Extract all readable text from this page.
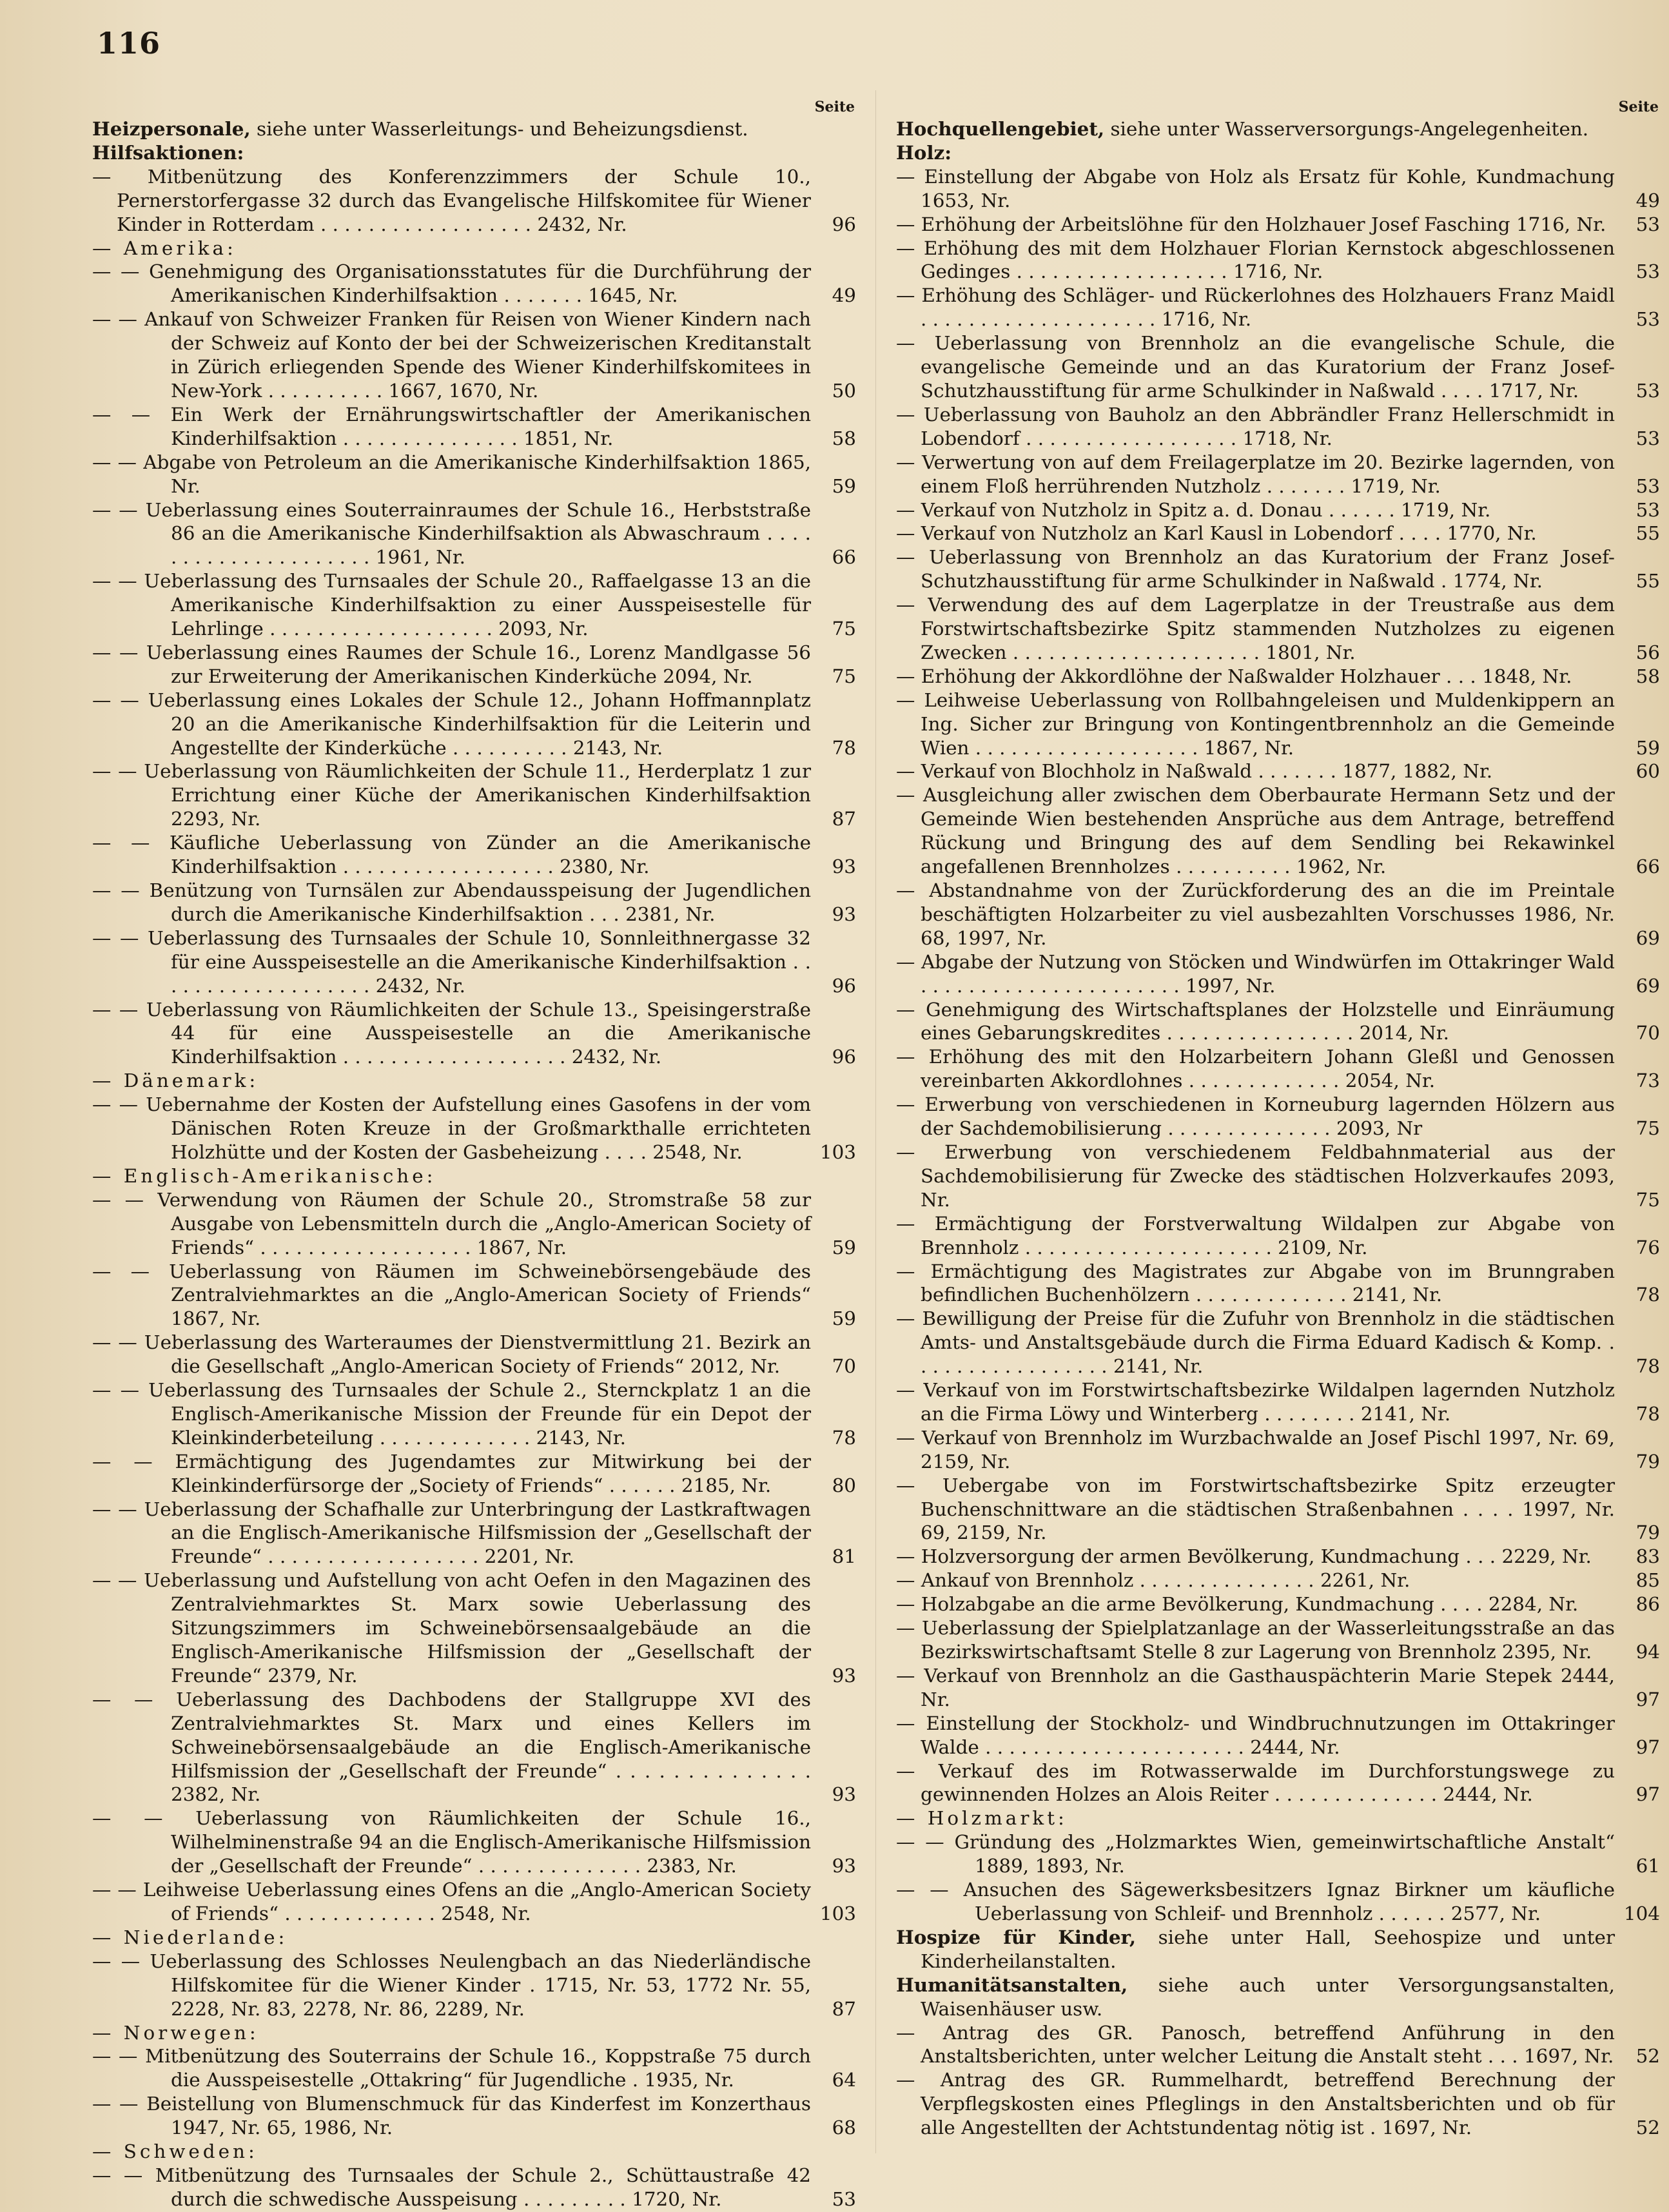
116
Seite
Heizpersonale, siehe unter Wasserleitungs- und Beheizungsdienst.
Hilfsaktionen:
— Mitbenützung des Konferenzzimmers der Schule 10., Pernerstorfergasse 32 durch das Evangelische Hilfskomitee für Wiener Kinder in Rotterdam . . . . . . . . . . . . . . . . . . 2432, Nr.	96
— Amerika:
— — Genehmigung des Organisationsstatutes für die Durchführung der Amerikanischen Kinderhilfsaktion . . . . . . . 1645, Nr.	49
— — Ankauf von Schweizer Franken für Reisen von Wiener Kindern nach der Schweiz auf Konto der bei der Schweizerischen Kreditanstalt in Zürich erliegenden Spende des Wiener Kinderhilfskomitees in New-York . . . . . . . . . . 1667, 1670, Nr.	50
— — Ein Werk der Ernährungswirtschaftler der Amerikanischen Kinderhilfsaktion . . . . . . . . . . . . . . . 1851, Nr.	58
— — Abgabe von Petroleum an die Amerikanische Kinderhilfsaktion 1865, Nr.	59
— — Ueberlassung eines Souterrainraumes der Schule 16., Herbststraße 86 an die Amerikanische Kinderhilfsaktion als Abwaschraum . . . . . . . . . . . . . . . . . . . . . 1961, Nr.	66
— — Ueberlassung des Turnsaales der Schule 20., Raffaelgasse 13 an die Amerikanische Kinderhilfsaktion zu einer Ausspeisestelle für Lehrlinge . . . . . . . . . . . . . . . . . . . 2093, Nr.	75
— — Ueberlassung eines Raumes der Schule 16., Lorenz Mandlgasse 56 zur Erweiterung der Amerikanischen Kinderküche 2094, Nr.	75
— — Ueberlassung eines Lokales der Schule 12., Johann Hoffmannplatz 20 an die Amerikanische Kinderhilfsaktion für die Leiterin und Angestellte der Kinderküche . . . . . . . . . . 2143, Nr.	78
— — Ueberlassung von Räumlichkeiten der Schule 11., Herderplatz 1 zur Errichtung einer Küche der Amerikanischen Kinderhilfsaktion 2293, Nr.	87
— — Käufliche Ueberlassung von Zünder an die Amerikanische Kinderhilfsaktion . . . . . . . . . . . . . . . . . . 2380, Nr.	93
— — Benützung von Turnsälen zur Abendausspeisung der Jugendlichen durch die Amerikanische Kinderhilfsaktion . . . 2381, Nr.	93
— — Ueberlassung des Turnsaales der Schule 10, Sonnleithnergasse 32 für eine Ausspeisestelle an die Amerikanische Kinderhilfsaktion . . . . . . . . . . . . . . . . . . . 2432, Nr.	96
— — Ueberlassung von Räumlichkeiten der Schule 13., Speisingerstraße 44 für eine Ausspeisestelle an die Amerikanische Kinderhilfsaktion . . . . . . . . . . . . . . . . . . . 2432, Nr.	96
— Dänemark:
— — Uebernahme der Kosten der Aufstellung eines Gasofens in der vom Dänischen Roten Kreuze in der Großmarkthalle errichteten Holzhütte und der Kosten der Gasbeheizung . . . . 2548, Nr.	103
— Englisch-Amerikanische:
— — Verwendung von Räumen der Schule 20., Stromstraße 58 zur Ausgabe von Lebensmitteln durch die „Anglo-American Society of Friends“ . . . . . . . . . . . . . . . . . . 1867, Nr.	59
— — Ueberlassung von Räumen im Schweinebörsengebäude des Zentralviehmarktes an die „Anglo-American Society of Friends“ 1867, Nr.	59
— — Ueberlassung des Warteraumes der Dienstvermittlung 21. Bezirk an die Gesellschaft „Anglo-American Society of Friends“ 2012, Nr.	70
— — Ueberlassung des Turnsaales der Schule 2., Sternckplatz 1 an die Englisch-Amerikanische Mission der Freunde für ein Depot der Kleinkinderbeteilung . . . . . . . . . . . . . 2143, Nr.	78
— — Ermächtigung des Jugendamtes zur Mitwirkung bei der Kleinkinderfürsorge der „Society of Friends“ . . . . . . 2185, Nr.	80
— — Ueberlassung der Schafhalle zur Unterbringung der Lastkraftwagen an die Englisch-Amerikanische Hilfsmission der „Gesellschaft der Freunde“ . . . . . . . . . . . . . . . . . . 2201, Nr.	81
— — Ueberlassung und Aufstellung von acht Oefen in den Magazinen des Zentralviehmarktes St. Marx sowie Ueberlassung des Sitzungszimmers im Schweinebörsensaalgebäude an die Englisch-Amerikanische Hilfsmission der „Gesellschaft der Freunde“ 2379, Nr.	93
— — Ueberlassung des Dachbodens der Stallgruppe XVI des Zentralviehmarktes St. Marx und eines Kellers im Schweinebörsensaalgebäude an die Englisch-Amerikanische Hilfsmission der „Gesellschaft der Freunde“ . . . . . . . . . . . . . . 2382, Nr.	93
— — Ueberlassung von Räumlichkeiten der Schule 16., Wilhelminenstraße 94 an die Englisch-Amerikanische Hilfsmission der „Gesellschaft der Freunde“ . . . . . . . . . . . . . . 2383, Nr.	93
— — Leihweise Ueberlassung eines Ofens an die „Anglo-American Society of Friends“ . . . . . . . . . . . . . 2548, Nr.	103
— Niederlande:
— — Ueberlassung des Schlosses Neulengbach an das Niederländische Hilfskomitee für die Wiener Kinder . 1715, Nr. 53, 1772 Nr. 55, 2228, Nr. 83, 2278, Nr. 86, 2289, Nr.	87
— Norwegen:
— — Mitbenützung des Souterrains der Schule 16., Koppstraße 75 durch die Ausspeisestelle „Ottakring“ für Jugendliche . 1935, Nr.	64
— — Beistellung von Blumenschmuck für das Kinderfest im Konzerthaus 1947, Nr. 65, 1986, Nr.	68
— Schweden:
— — Mitbenützung des Turnsaales der Schule 2., Schüttaustraße 42 durch die schwedische Ausspeisung . . . . . . . . . 1720, Nr.	53
Seite
Hochquellengebiet, siehe unter Wasserversorgungs-Angelegenheiten.
Holz:
— Einstellung der Abgabe von Holz als Ersatz für Kohle, Kundmachung 1653, Nr.	49
— Erhöhung der Arbeitslöhne für den Holzhauer Josef Fasching 1716, Nr.	53
— Erhöhung des mit dem Holzhauer Florian Kernstock abgeschlossenen Gedinges . . . . . . . . . . . . . . . . . . 1716, Nr.	53
— Erhöhung des Schläger- und Rückerlohnes des Holzhauers Franz Maidl . . . . . . . . . . . . . . . . . . . . 1716, Nr.	53
— Ueberlassung von Brennholz an die evangelische Schule, die evangelische Gemeinde und an das Kuratorium der Franz Josef-Schutzhausstiftung für arme Schulkinder in Naßwald . . . . 1717, Nr.	53
— Ueberlassung von Bauholz an den Abbrändler Franz Hellerschmidt in Lobendorf . . . . . . . . . . . . . . . . . . 1718, Nr.	53
— Verwertung von auf dem Freilagerplatze im 20. Bezirke lagernden, von einem Floß herrührenden Nutzholz . . . . . . . 1719, Nr.	53
— Verkauf von Nutzholz in Spitz a. d. Donau . . . . . . 1719, Nr.	53
— Verkauf von Nutzholz an Karl Kausl in Lobendorf . . . . 1770, Nr.	55
— Ueberlassung von Brennholz an das Kuratorium der Franz Josef-Schutzhausstiftung für arme Schulkinder in Naßwald . 1774, Nr.	55
— Verwendung des auf dem Lagerplatze in der Treustraße aus dem Forstwirtschaftsbezirke Spitz stammenden Nutzholzes zu eigenen Zwecken . . . . . . . . . . . . . . . . . . . . . 1801, Nr.	56
— Erhöhung der Akkordlöhne der Naßwalder Holzhauer . . . 1848, Nr.	58
— Leihweise Ueberlassung von Rollbahngeleisen und Muldenkippern an Ing. Sicher zur Bringung von Kontingentbrennholz an die Gemeinde Wien . . . . . . . . . . . . . . . . . . . 1867, Nr.	59
— Verkauf von Blochholz in Naßwald . . . . . . . 1877, 1882, Nr.	60
— Ausgleichung aller zwischen dem Oberbaurate Hermann Setz und der Gemeinde Wien bestehenden Ansprüche aus dem Antrage, betreffend Rückung und Bringung des auf dem Sendling bei Rekawinkel angefallenen Brennholzes . . . . . . . . . . 1962, Nr.	66
— Abstandnahme von der Zurückforderung des an die im Preintale beschäftigten Holzarbeiter zu viel ausbezahlten Vorschusses 1986, Nr. 68, 1997, Nr.	69
— Abgabe der Nutzung von Stöcken und Windwürfen im Ottakringer Wald . . . . . . . . . . . . . . . . . . . . . . 1997, Nr.	69
— Genehmigung des Wirtschaftsplanes der Holzstelle und Einräumung eines Gebarungskredites . . . . . . . . . . . . . . . . 2014, Nr.	70
— Erhöhung des mit den Holzarbeitern Johann Gleßl und Genossen vereinbarten Akkordlohnes . . . . . . . . . . . . . 2054, Nr.	73
— Erwerbung von verschiedenen in Korneuburg lagernden Hölzern aus der Sachdemobilisierung . . . . . . . . . . . . . . 2093, Nr	75
— Erwerbung von verschiedenem Feldbahnmaterial aus der Sachdemobilisierung für Zwecke des städtischen Holzverkaufes 2093, Nr.	75
— Ermächtigung der Forstverwaltung Wildalpen zur Abgabe von Brennholz . . . . . . . . . . . . . . . . . . . . . 2109, Nr.	76
— Ermächtigung des Magistrates zur Abgabe von im Brunngraben befindlichen Buchenhölzern . . . . . . . . . . . . . 2141, Nr.	78
— Bewilligung der Preise für die Zufuhr von Brennholz in die städtischen Amts- und Anstaltsgebäude durch die Firma Eduard Kadisch & Komp. . . . . . . . . . . . . . . . . . 2141, Nr.	78
— Verkauf von im Forstwirtschaftsbezirke Wildalpen lagernden Nutzholz an die Firma Löwy und Winterberg . . . . . . . . 2141, Nr.	78
— Verkauf von Brennholz im Wurzbachwalde an Josef Pischl 1997, Nr. 69, 2159, Nr.	79
— Uebergabe von im Forstwirtschaftsbezirke Spitz erzeugter Buchenschnittware an die städtischen Straßenbahnen . . . . 1997, Nr. 69, 2159, Nr.	79
— Holzversorgung der armen Bevölkerung, Kundmachung . . . 2229, Nr.	83
— Ankauf von Brennholz . . . . . . . . . . . . . . . 2261, Nr.	85
— Holzabgabe an die arme Bevölkerung, Kundmachung . . . . 2284, Nr.	86
— Ueberlassung der Spielplatzanlage an der Wasserleitungsstraße an das Bezirkswirtschaftsamt Stelle 8 zur Lagerung von Brennholz 2395, Nr.	94
— Verkauf von Brennholz an die Gasthauspächterin Marie Stepek 2444, Nr.	97
— Einstellung der Stockholz- und Windbruchnutzungen im Ottakringer Walde . . . . . . . . . . . . . . . . . . . . . . 2444, Nr.	97
— Verkauf des im Rotwasserwalde im Durchforstungswege zu gewinnenden Holzes an Alois Reiter . . . . . . . . . . . . . . 2444, Nr.	97
— Holzmarkt:
— — Gründung des „Holzmarktes Wien, gemeinwirtschaftliche Anstalt“ 1889, 1893, Nr.	61
— — Ansuchen des Sägewerksbesitzers Ignaz Birkner um käufliche Ueberlassung von Schleif- und Brennholz . . . . . . 2577, Nr.	104
Hospize für Kinder, siehe unter Hall, Seehospize und unter Kinderheilanstalten.
Humanitätsanstalten, siehe auch unter Versorgungsanstalten, Waisenhäuser usw.
— Antrag des GR. Panosch, betreffend Anführung in den Anstaltsberichten, unter welcher Leitung die Anstalt steht . . . 1697, Nr.	52
— Antrag des GR. Rummelhardt, betreffend Berechnung der Verpflegskosten eines Pfleglings in den Anstaltsberichten und ob für alle Angestellten der Achtstundentag nötig ist . 1697, Nr.	52
